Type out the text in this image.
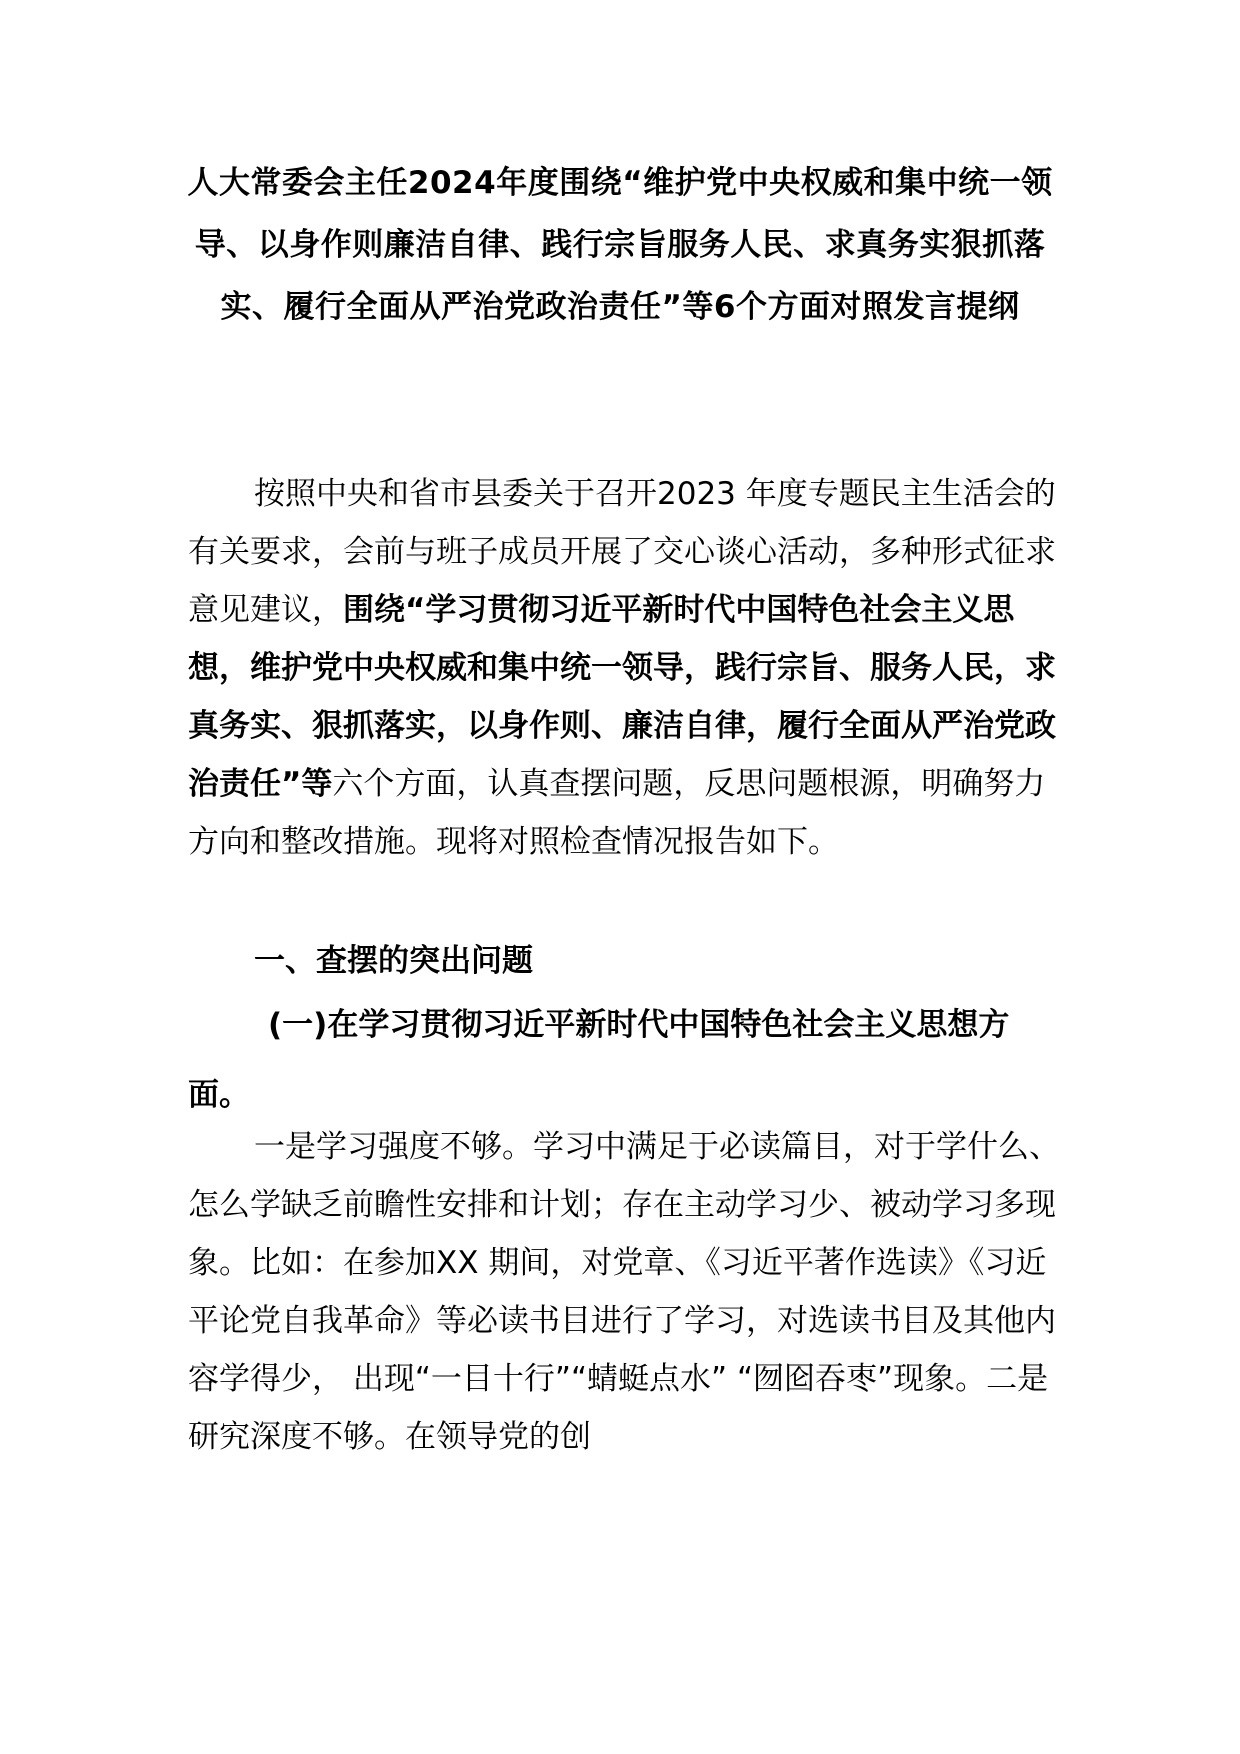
人大常委会主任2024年度围绕“维护党中央权威和集中统一领导、以身作则廉洁自律、践行宗旨服务人民、求真务实狠抓落实、履行全面从严治党政治责任”等6个方面对照发言提纲

按照中央和省市县委关于召开2023 年度专题民主生活会的有关要求，会前与班子成员开展了交心谈心活动，多种形式征求意见建议，围绕“学习贯彻习近平新时代中国特色社会主义思想，维护党中央权威和集中统一领导，践行宗旨、服务人民，求真务实、狠抓落实，以身作则、廉洁自律，履行全面从严治党政治责任”等六个方面，认真查摆问题，反思问题根源，明确努力方向和整改措施。现将对照检查情况报告如下。

一、查摆的突出问题

(一)在学习贯彻习近平新时代中国特色社会主义思想方面。

一是学习强度不够。学习中满足于必读篇目，对于学什么、怎么学缺乏前瞻性安排和计划；存在主动学习少、被动学习多现象。比如：在参加XX 期间，对党章、《习近平著作选读》《习近平论党自我革命》等必读书目进行了学习，对选读书目及其他内容学得少， 出现“一目十行”“蜻蜓点水” “囫囵吞枣”现象。二是研究深度不够。在领导党的创
